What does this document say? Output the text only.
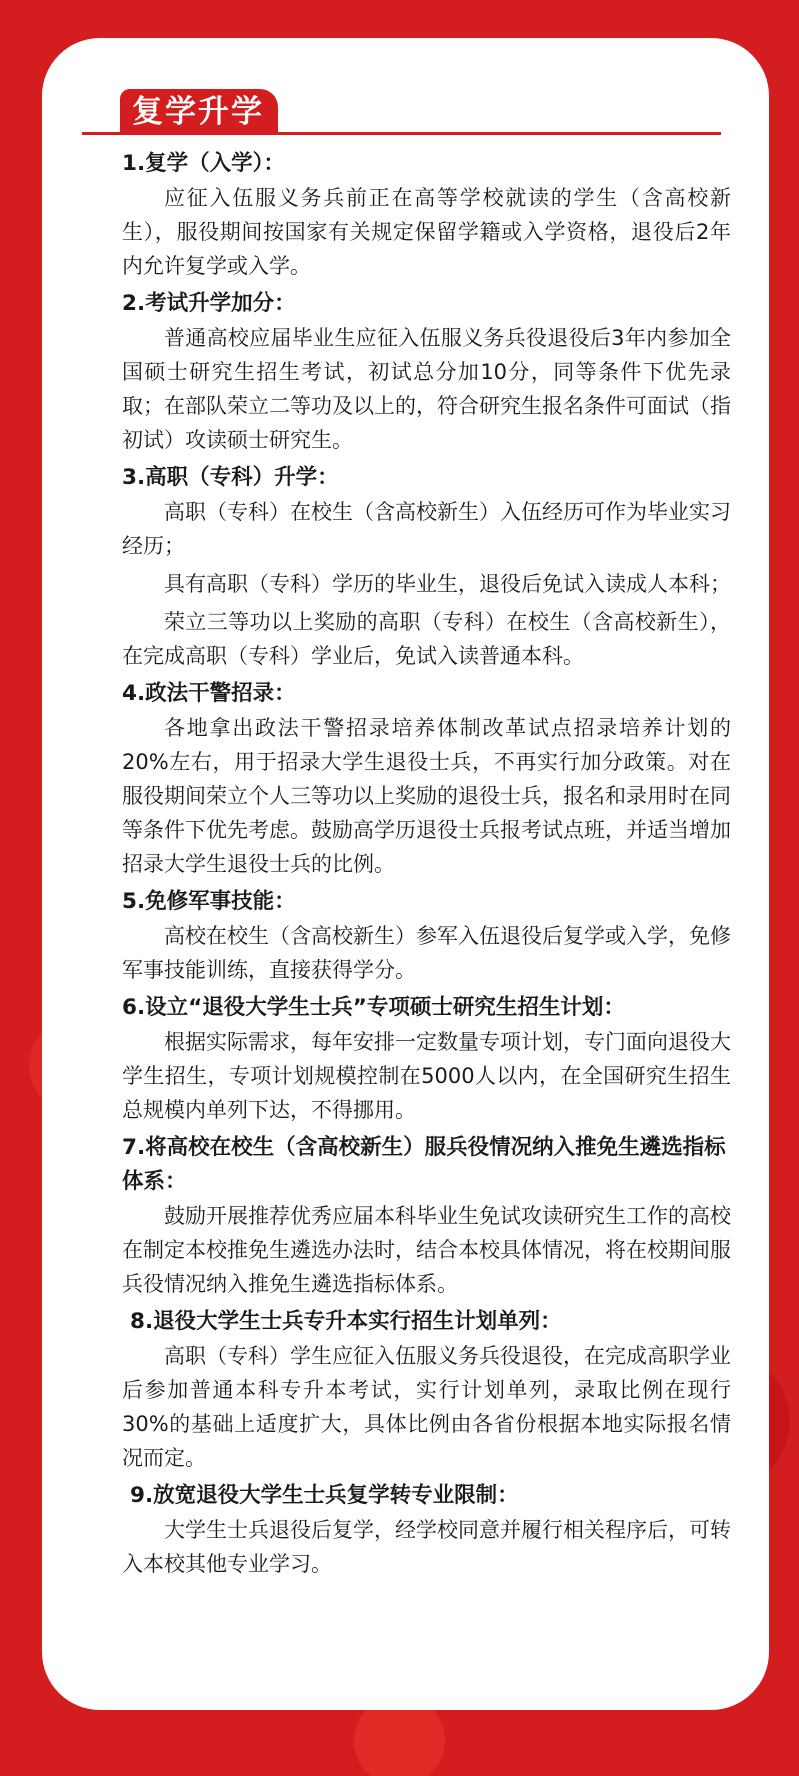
复学升学

1.复学（入学）：

应征入伍服义务兵前正在高等学校就读的学生（含高校新生），服役期间按国家有关规定保留学籍或入学资格，退役后2年内允许复学或入学。

2.考试升学加分：

普通高校应届毕业生应征入伍服义务兵役退役后3年内参加全国硕士研究生招生考试，初试总分加10分，同等条件下优先录取；在部队荣立二等功及以上的，符合研究生报名条件可面试（指初试）攻读硕士研究生。

3.高职（专科）升学：

高职（专科）在校生（含高校新生）入伍经历可作为毕业实习经历；

具有高职（专科）学历的毕业生，退役后免试入读成人本科；

荣立三等功以上奖励的高职（专科）在校生（含高校新生），在完成高职（专科）学业后，免试入读普通本科。

4.政法干警招录：

各地拿出政法干警招录培养体制改革试点招录培养计划的20%左右，用于招录大学生退役士兵，不再实行加分政策。对在服役期间荣立个人三等功以上奖励的退役士兵，报名和录用时在同等条件下优先考虑。鼓励高学历退役士兵报考试点班，并适当增加招录大学生退役士兵的比例。

5.免修军事技能：

高校在校生（含高校新生）参军入伍退役后复学或入学，免修军事技能训练，直接获得学分。

6.设立“退役大学生士兵”专项硕士研究生招生计划：

根据实际需求，每年安排一定数量专项计划，专门面向退役大学生招生，专项计划规模控制在5000人以内，在全国研究生招生总规模内单列下达，不得挪用。

7.将高校在校生（含高校新生）服兵役情况纳入推免生遴选指标体系：

鼓励开展推荐优秀应届本科毕业生免试攻读研究生工作的高校在制定本校推免生遴选办法时，结合本校具体情况，将在校期间服兵役情况纳入推免生遴选指标体系。

8.退役大学生士兵专升本实行招生计划单列：

高职（专科）学生应征入伍服义务兵役退役，在完成高职学业后参加普通本科专升本考试，实行计划单列，录取比例在现行30%的基础上适度扩大，具体比例由各省份根据本地实际报名情况而定。

9.放宽退役大学生士兵复学转专业限制：

大学生士兵退役后复学，经学校同意并履行相关程序后，可转入本校其他专业学习。
